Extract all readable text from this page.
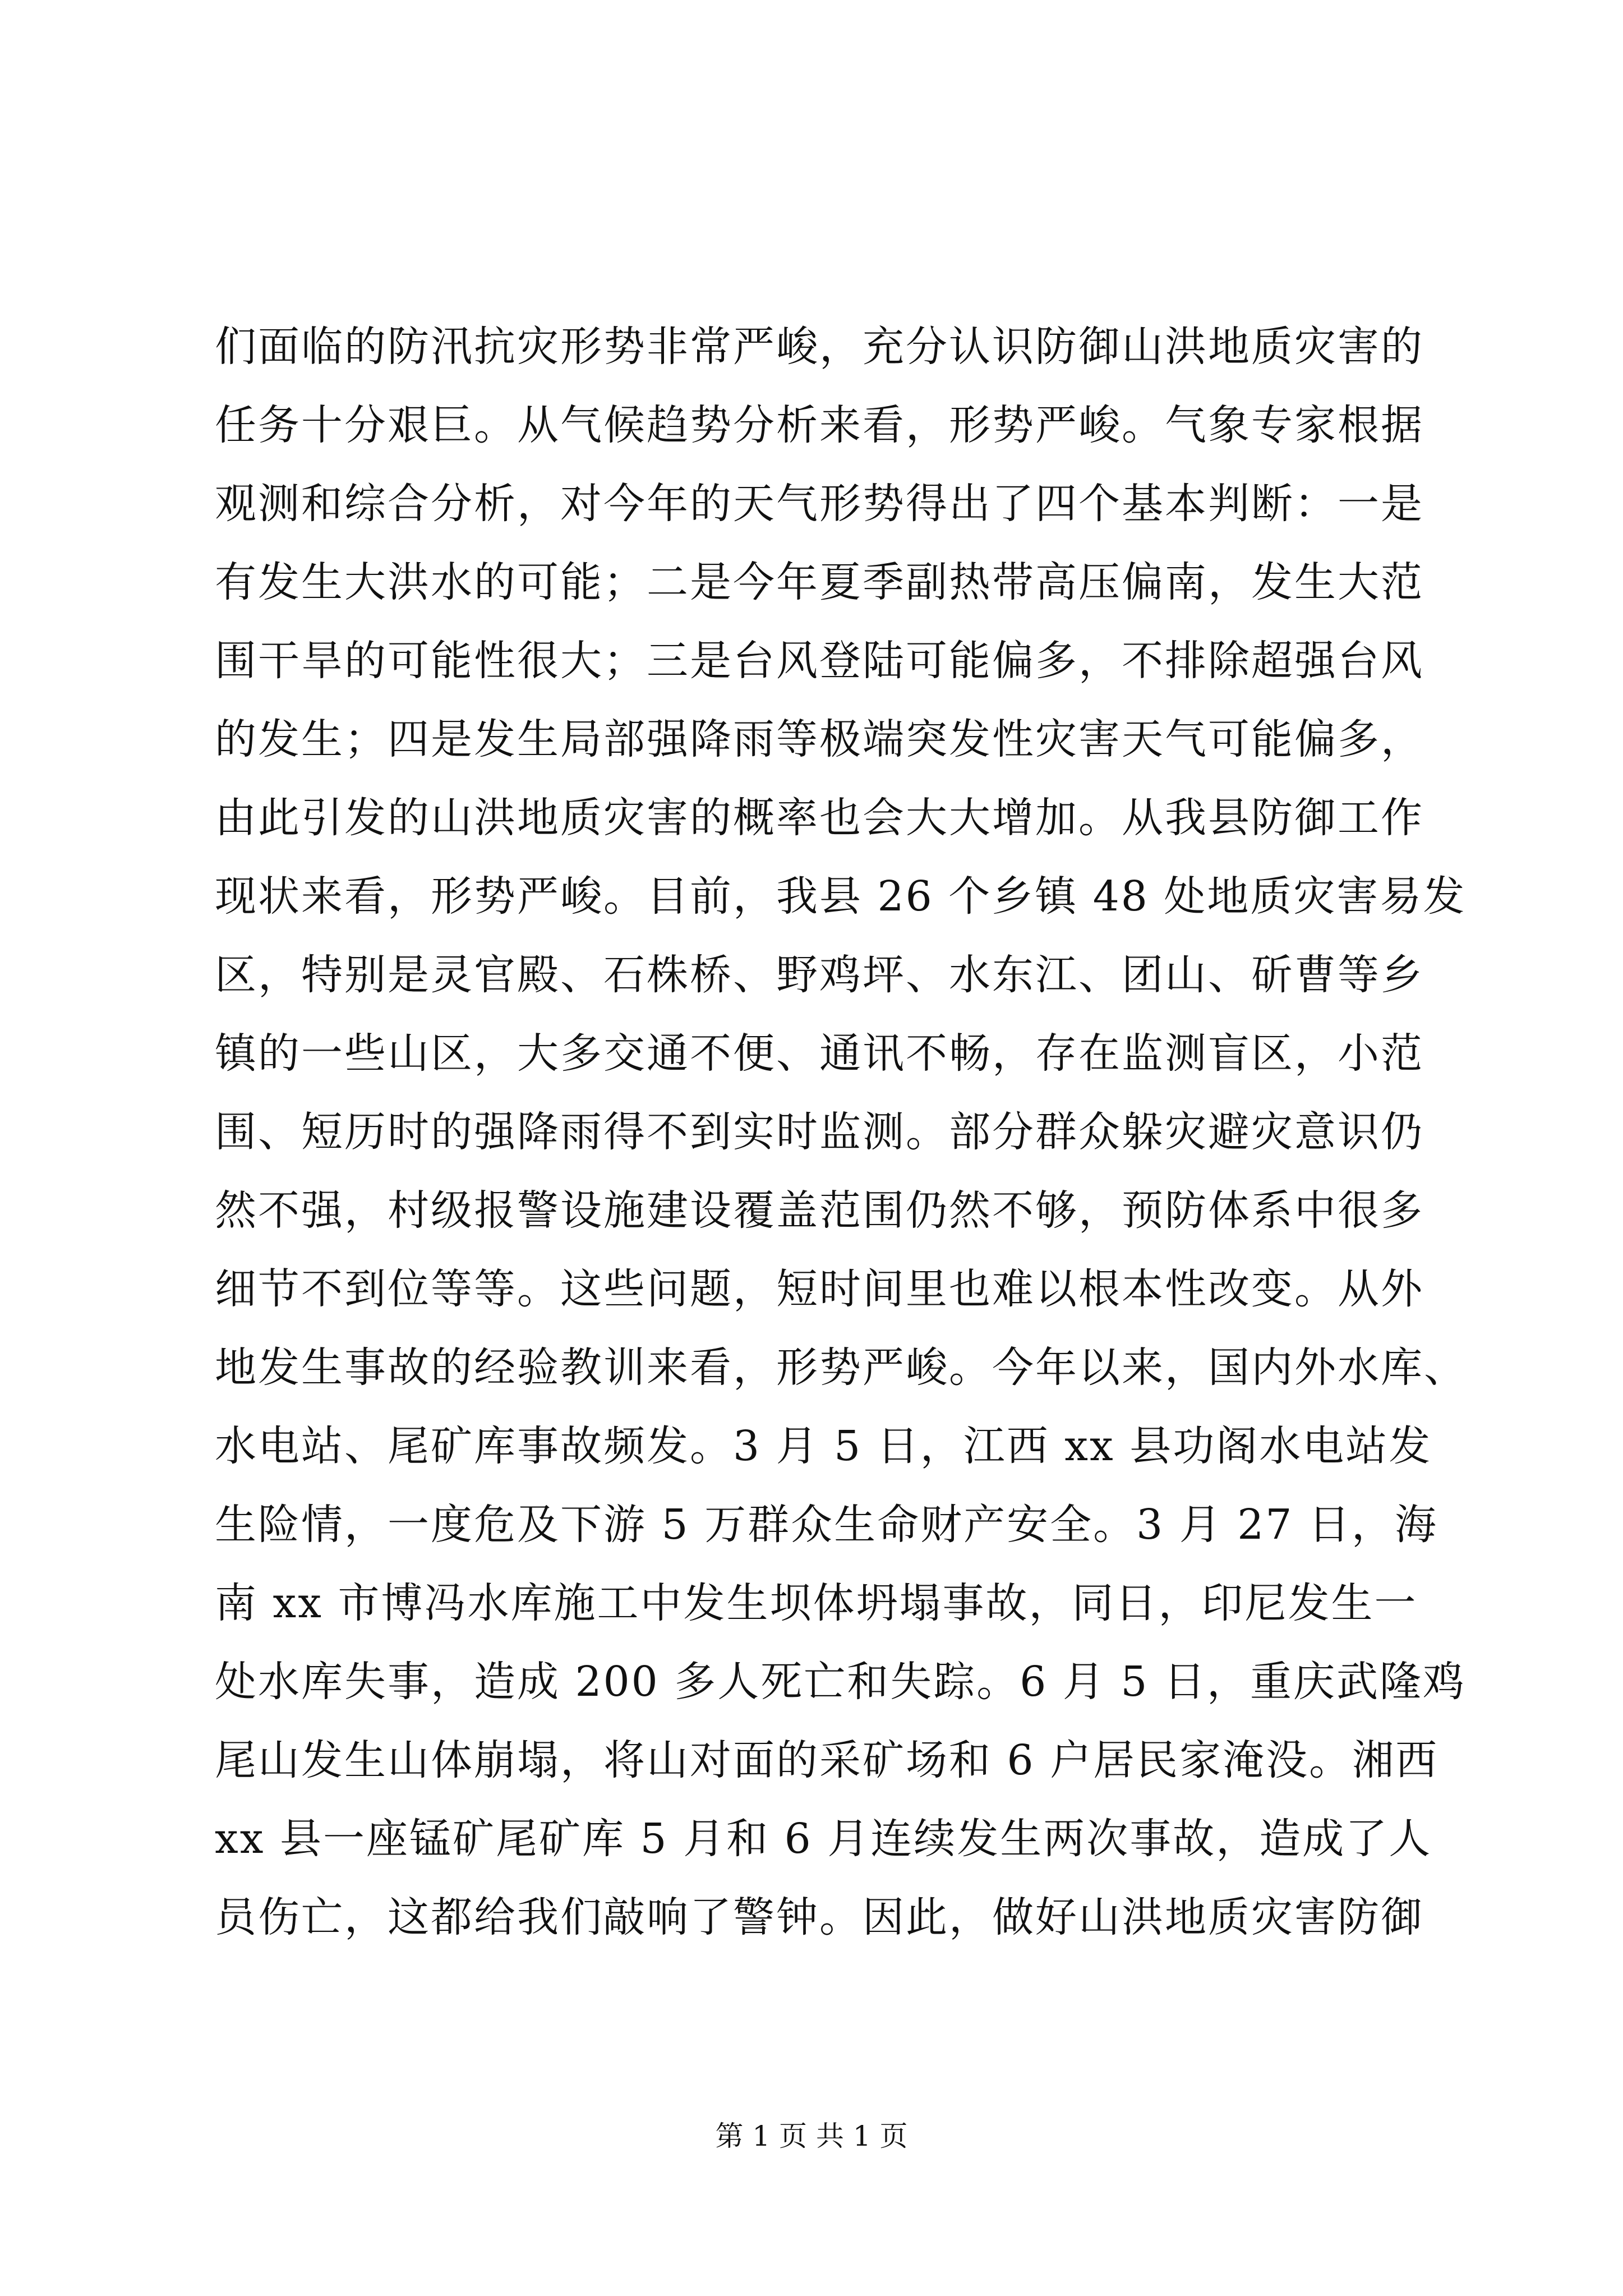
们面临的防汛抗灾形势非常严峻，充分认识防御山洪地质灾害的
任务十分艰巨。从气候趋势分析来看，形势严峻。气象专家根据
观测和综合分析，对今年的天气形势得出了四个基本判断：一是
有发生大洪水的可能；二是今年夏季副热带高压偏南，发生大范
围干旱的可能性很大；三是台风登陆可能偏多，不排除超强台风
的发生；四是发生局部强降雨等极端突发性灾害天气可能偏多，
由此引发的山洪地质灾害的概率也会大大增加。从我县防御工作
现状来看，形势严峻。目前，我县 26 个乡镇 48 处地质灾害易发
区，特别是灵官殿、石株桥、野鸡坪、水东江、团山、斫曹等乡
镇的一些山区，大多交通不便、通讯不畅，存在监测盲区，小范
围、短历时的强降雨得不到实时监测。部分群众躲灾避灾意识仍
然不强，村级报警设施建设覆盖范围仍然不够，预防体系中很多
细节不到位等等。这些问题，短时间里也难以根本性改变。从外
地发生事故的经验教训来看，形势严峻。今年以来，国内外水库、
水电站、尾矿库事故频发。3 月 5 日，江西 xx 县功阁水电站发
生险情，一度危及下游 5 万群众生命财产安全。3 月 27 日，海
南 xx 市博冯水库施工中发生坝体坍塌事故，同日，印尼发生一
处水库失事，造成 200 多人死亡和失踪。6 月 5 日，重庆武隆鸡
尾山发生山体崩塌，将山对面的采矿场和 6 户居民家淹没。湘西
xx 县一座锰矿尾矿库 5 月和 6 月连续发生两次事故，造成了人
员伤亡，这都给我们敲响了警钟。因此，做好山洪地质灾害防御
第 1 页 共 1 页
